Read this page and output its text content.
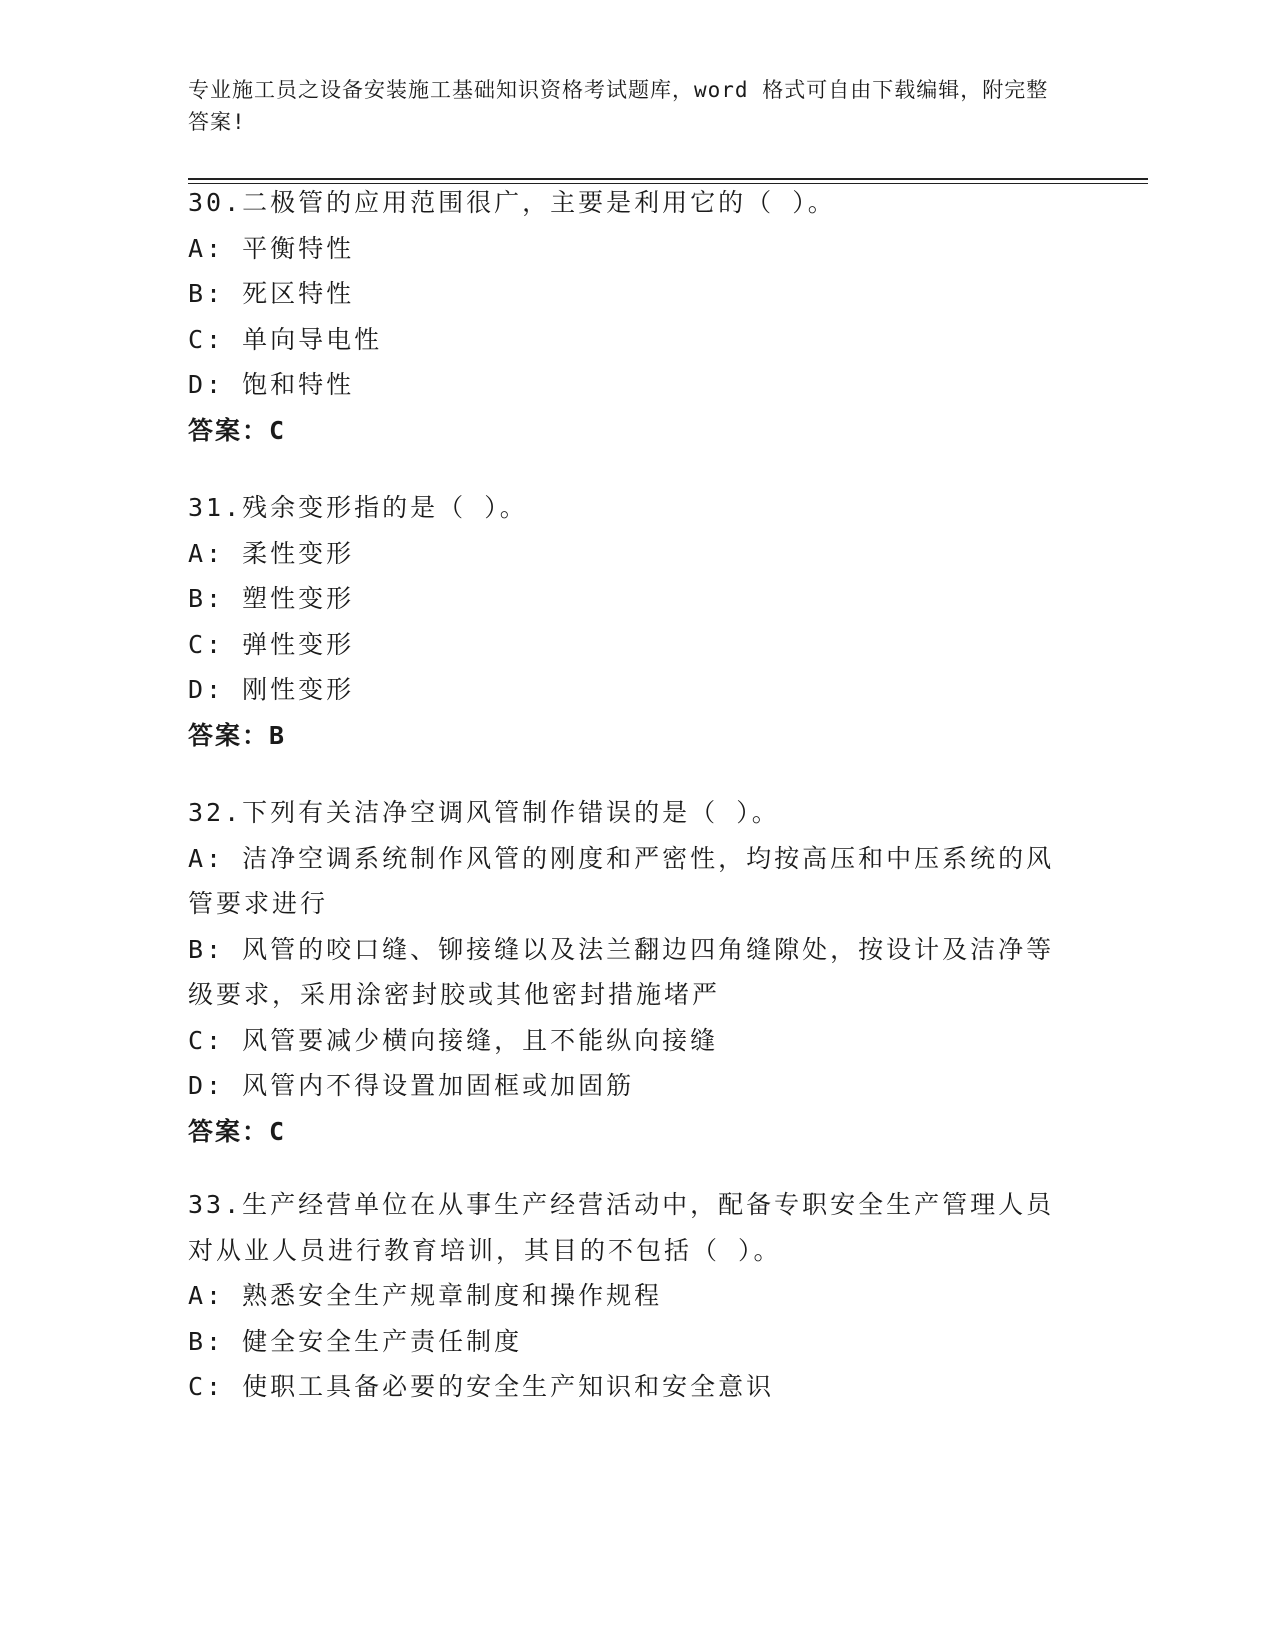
专业施工员之设备安装施工基础知识资格考试题库，word 格式可自由下载编辑，附完整答案!
30.二极管的应用范围很广，主要是利用它的（ ）。
A: 平衡特性
B: 死区特性
C: 单向导电性
D: 饱和特性
答案：C
31.残余变形指的是（ ）。
A: 柔性变形
B: 塑性变形
C: 弹性变形
D: 刚性变形
答案：B
32.下列有关洁净空调风管制作错误的是（ ）。
A: 洁净空调系统制作风管的刚度和严密性，均按高压和中压系统的风管要求进行
B: 风管的咬口缝、铆接缝以及法兰翻边四角缝隙处，按设计及洁净等级要求，采用涂密封胶或其他密封措施堵严
C: 风管要减少横向接缝，且不能纵向接缝
D: 风管内不得设置加固框或加固筋
答案：C
33.生产经营单位在从事生产经营活动中，配备专职安全生产管理人员对从业人员进行教育培训，其目的不包括（ ）。
A: 熟悉安全生产规章制度和操作规程
B: 健全安全生产责任制度
C: 使职工具备必要的安全生产知识和安全意识
